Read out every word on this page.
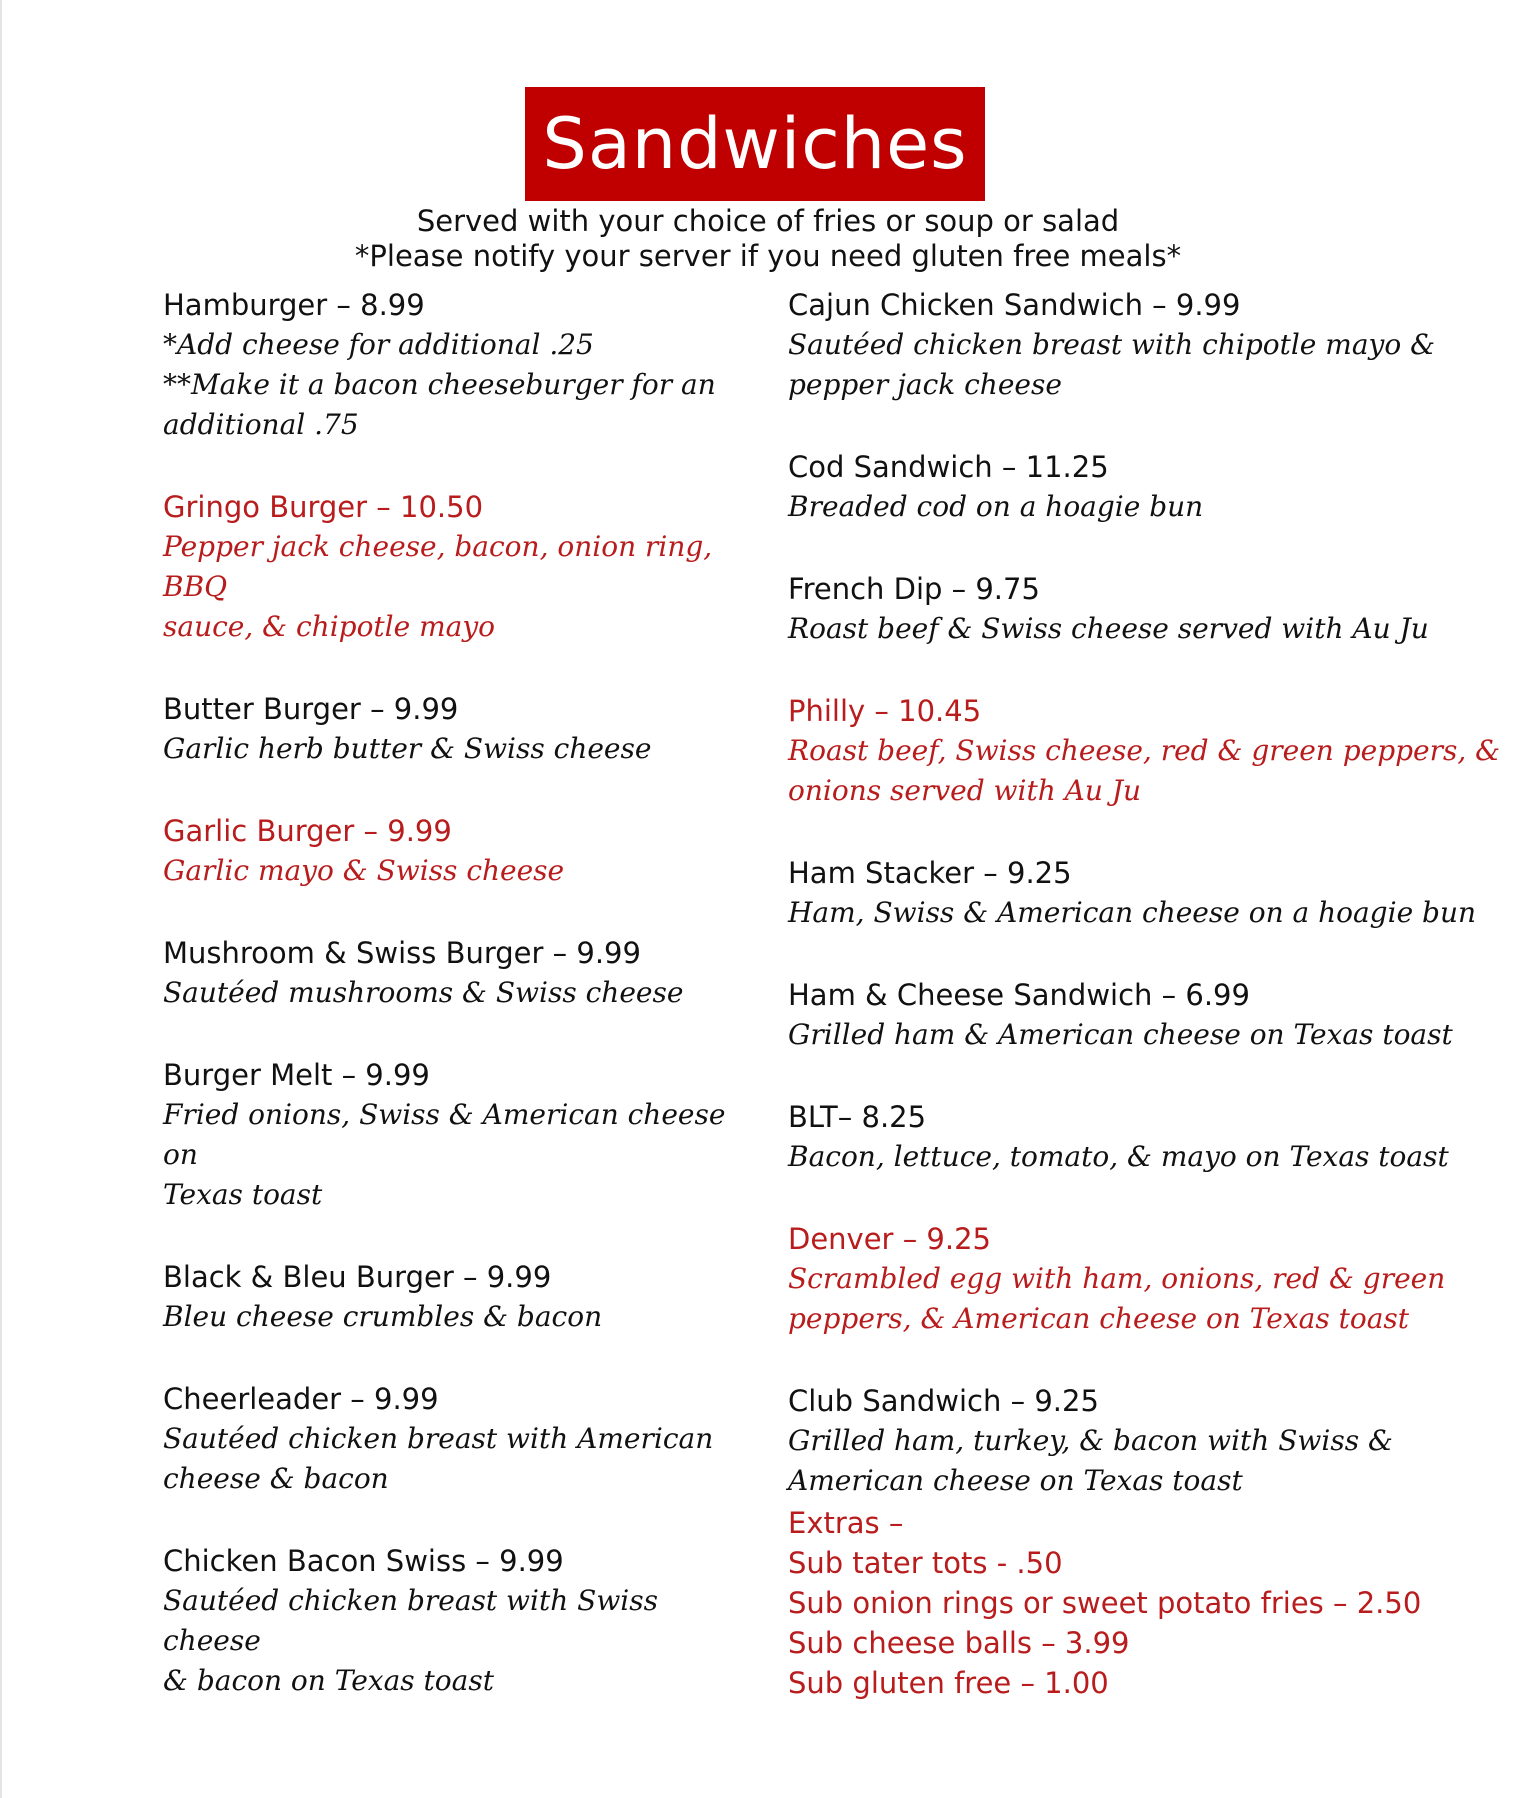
Sandwiches
Served with your choice of fries or soup or salad
*Please notify your server if you need gluten free meals*
Hamburger – 8.99
*Add cheese for additional .25
**Make it a bacon cheeseburger for an
additional .75
Gringo Burger – 10.50
Pepper jack cheese, bacon, onion ring, BBQ
sauce, & chipotle mayo
Butter Burger – 9.99
Garlic herb butter & Swiss cheese
Garlic Burger – 9.99
Garlic mayo & Swiss cheese
Mushroom & Swiss Burger – 9.99
Sautéed mushrooms & Swiss cheese
Burger Melt – 9.99
Fried onions, Swiss & American cheese on
Texas toast
Black & Bleu Burger – 9.99
Bleu cheese crumbles & bacon
Cheerleader – 9.99
Sautéed chicken breast with American
cheese & bacon
Chicken Bacon Swiss – 9.99
Sautéed chicken breast with Swiss cheese
& bacon on Texas toast
Cajun Chicken Sandwich – 9.99
Sautéed chicken breast with chipotle mayo &
pepper jack cheese
Cod Sandwich – 11.25
Breaded cod on a hoagie bun
French Dip – 9.75
Roast beef & Swiss cheese served with Au Ju
Philly – 10.45
Roast beef, Swiss cheese, red & green peppers, &
onions served with Au Ju
Ham Stacker – 9.25
Ham, Swiss & American cheese on a hoagie bun
Ham & Cheese Sandwich – 6.99
Grilled ham & American cheese on Texas toast
BLT– 8.25
Bacon, lettuce, tomato, & mayo on Texas toast
Denver – 9.25
Scrambled egg with ham, onions, red & green
peppers, & American cheese on Texas toast
Club Sandwich – 9.25
Grilled ham, turkey, & bacon with Swiss &
American cheese on Texas toast
Extras –
Sub tater tots - .50
Sub onion rings or sweet potato fries – 2.50
Sub cheese balls – 3.99
Sub gluten free – 1.00
